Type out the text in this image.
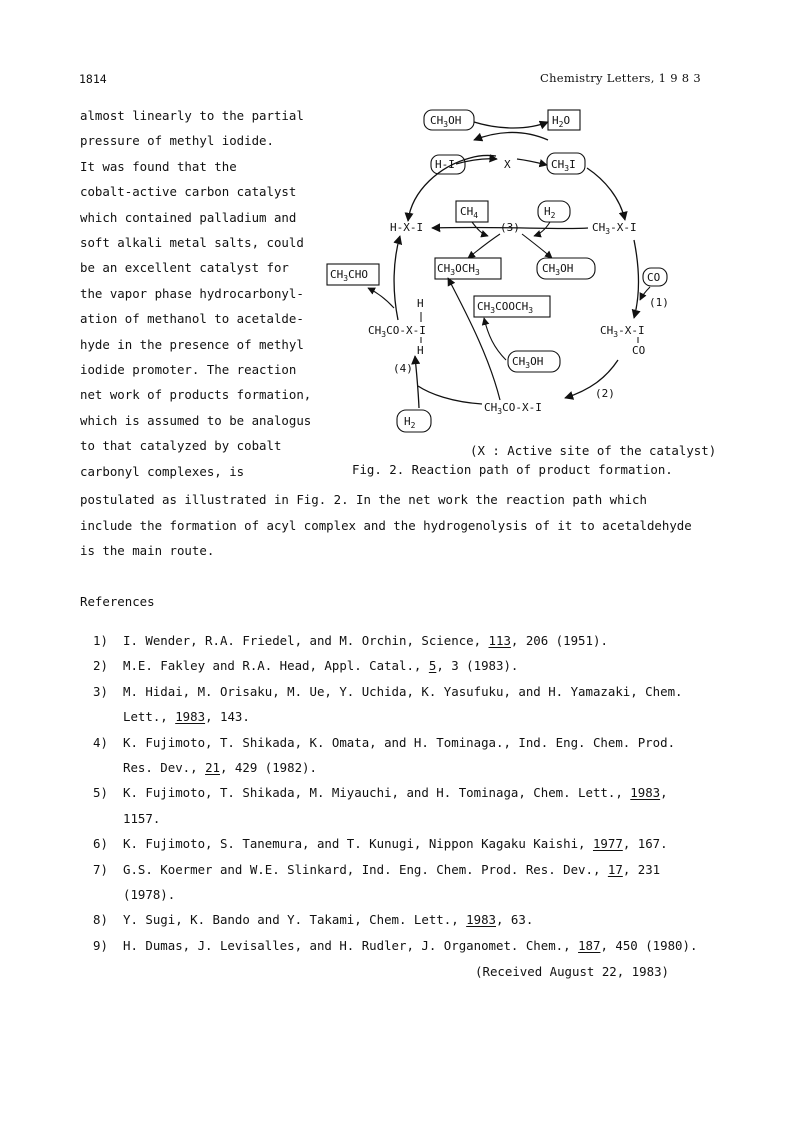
1814	Chemistry Letters, 1 9 8 3
almost linearly to the partial
pressure of methyl iodide.
It was found that the
cobalt-active carbon catalyst
which contained palladium and
soft alkali metal salts, could
be an excellent catalyst for
the vapor phase hydrocarbonyl-
ation of methanol to acetalde-
hyde in the presence of methyl
iodide promoter. The reaction
net work of products formation,
which is assumed to be analogus
to that catalyzed by cobalt
carbonyl complexes, is
$CH_3OH$	$H_2O$
H-I	$CH_3I$
$CH_4$	$H_2$
$CH_3CHO$	$CH_3OCH_3$	$CH_3OH$
CO
$CH_3COOCH_3$
$CH_3OH$
$H_2$
X
H-X-I	$CH_3-X-I$
(3)
(1)
(2)
(4)
$CH_3-X-I$
CO
H
$CH_3CO-X-I$
H
$CH_3CO-X-I$
(X : Active site of the catalyst)
Fig. 2. Reaction path of product formation.
postulated as illustrated in Fig. 2. In the net work the reaction path which
include the formation of acyl complex and the hydrogenolysis of it to acetaldehyde
is the main route.
References
1) I. Wender, R.A. Friedel, and M. Orchin, Science, 113, 206 (1951).
2) M.E. Fakley and R.A. Head, Appl. Catal., 5, 3 (1983).
3) M. Hidai, M. Orisaku, M. Ue, Y. Uchida, K. Yasufuku, and H. Yamazaki, Chem.
Lett., 1983, 143.
4) K. Fujimoto, T. Shikada, K. Omata, and H. Tominaga., Ind. Eng. Chem. Prod.
Res. Dev., 21, 429 (1982).
5) K. Fujimoto, T. Shikada, M. Miyauchi, and H. Tominaga, Chem. Lett., 1983,
1157.
6) K. Fujimoto, S. Tanemura, and T. Kunugi, Nippon Kagaku Kaishi, 1977, 167.
7) G.S. Koermer and W.E. Slinkard, Ind. Eng. Chem. Prod. Res. Dev., 17, 231
(1978).
8) Y. Sugi, K. Bando and Y. Takami, Chem. Lett., 1983, 63.
9) H. Dumas, J. Levisalles, and H. Rudler, J. Organomet. Chem., 187, 450 (1980).
(Received August 22, 1983)
